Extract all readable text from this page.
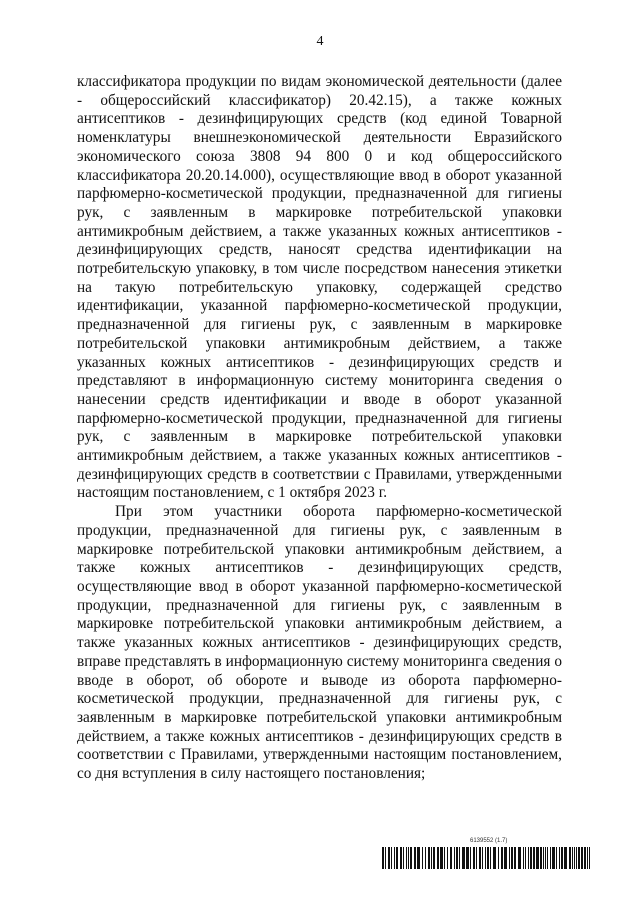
4

классификатора продукции по видам экономической деятельности (далее - общероссийский классификатор) 20.42.15), а также кожных антисептиков - дезинфицирующих средств (код единой Товарной номенклатуры внешнеэкономической деятельности Евразийского экономического союза 3808 94 800 0 и код общероссийского классификатора 20.20.14.000), осуществляющие ввод в оборот указанной парфюмерно-косметической продукции, предназначенной для гигиены рук, с заявленным в маркировке потребительской упаковки антимикробным действием, а также указанных кожных антисептиков - дезинфицирующих средств, наносят средства идентификации на потребительскую упаковку, в том числе посредством нанесения этикетки на такую потребительскую упаковку, содержащей средство идентификации, указанной парфюмерно-косметической продукции, предназначенной для гигиены рук, с заявленным в маркировке потребительской упаковки антимикробным действием, а также указанных кожных антисептиков - дезинфицирующих средств и представляют в информационную систему мониторинга сведения о нанесении средств идентификации и вводе в оборот указанной парфюмерно-косметической продукции, предназначенной для гигиены рук, с заявленным в маркировке потребительской упаковки антимикробным действием, а также указанных кожных антисептиков - дезинфицирующих средств в соответствии с Правилами, утвержденными настоящим постановлением, с 1 октября 2023 г.

При этом участники оборота парфюмерно-косметической продукции, предназначенной для гигиены рук, с заявленным в маркировке потребительской упаковки антимикробным действием, а также кожных антисептиков - дезинфицирующих средств, осуществляющие ввод в оборот указанной парфюмерно-косметической продукции, предназначенной для гигиены рук, с заявленным в маркировке потребительской упаковки антимикробным действием, а также указанных кожных антисептиков - дезинфицирующих средств, вправе представлять в информационную систему мониторинга сведения о вводе в оборот, об обороте и выводе из оборота парфюмерно-косметической продукции, предназначенной для гигиены рук, с заявленным в маркировке потребительской упаковки антимикробным действием, а также кожных антисептиков - дезинфицирующих средств в соответствии с Правилами, утвержденными настоящим постановлением, со дня вступления в силу настоящего постановления;

6139552 (1.7)
